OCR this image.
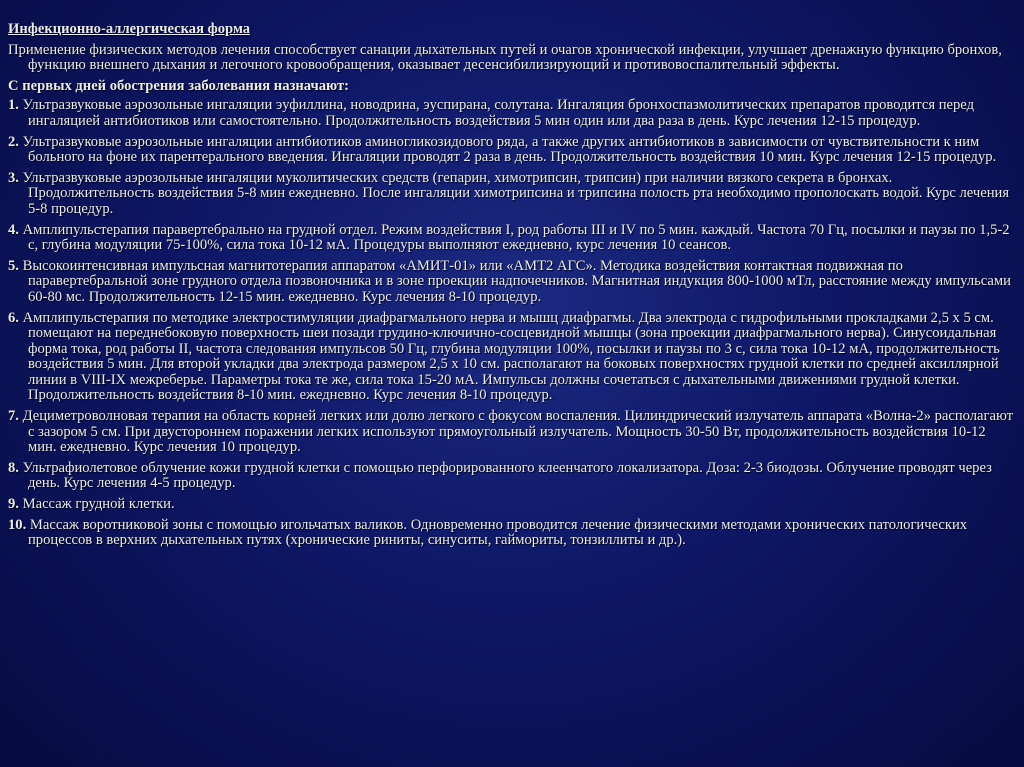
Инфекционно-аллергическая форма
Применение физических методов лечения способствует санации дыхательных путей и очагов хронической инфекции, улучшает дренажную функцию бронхов, функцию внешнего дыхания и легочного кровообращения, оказывает десенсибилизирующий и противовоспалительный эффекты.
С первых дней обострения заболевания назначают:
1. Ультразвуковые аэрозольные ингаляции эуфиллина, новодрина, эуспирана, солутана. Ингаляция бронхоспазмолитических препаратов проводится перед ингаляцией антибиотиков или самостоятельно. Продолжительность воздействия 5 мин один или два раза в день. Курс лечения 12-15 процедур.
2. Ультразвуковые аэрозольные ингаляции антибиотиков аминогликозидового ряда, а также других антибиотиков в зависимости от чувствительности к ним больного на фоне их парентерального введения. Ингаляции проводят 2 раза в день. Продолжительность воздействия 10 мин. Курс лечения 12-15 процедур.
3. Ультразвуковые аэрозольные ингаляции муколитических средств (гепарин, химотрипсин, трипсин) при наличии вязкого секрета в бронхах. Продолжительность воздействия 5-8 мин ежедневно. После ингаляции химотрипсина и трипсина полость рта необходимо прополоскать водой. Курс лечения 5-8 процедур.
4. Амплипульстерапия паравертебрально на грудной отдел. Режим воздействия I, род работы III и IV по 5 мин. каждый. Частота 70 Гц, посылки и паузы по 1,5-2 с, глубина модуляции 75-100%, сила тока 10-12 мА. Процедуры выполняют ежедневно, курс лечения 10 сеансов.
5. Высокоинтенсивная импульсная магнитотерапия аппаратом «АМИТ-01» или «АМТ2 АГС». Методика воздействия контактная подвижная по паравертебральной зоне грудного отдела позвоночника и в зоне проекции надпочечников. Магнитная индукция 800-1000 мТл, расстояние между импульсами 60-80 мс. Продолжительность 12-15 мин. ежедневно. Курс лечения 8-10 процедур.
6. Амплипульстерапия по методике электростимуляции диафрагмального нерва и мышц диафрагмы. Два электрода с гидрофильными прокладками 2,5 х 5 см. помещают на переднебоковую поверхность шеи позади грудино-ключично-сосцевидной мышцы (зона проекции диафрагмального нерва). Синусоидальная форма тока, род работы II, частота следования импульсов 50 Гц, глубина модуляции 100%, посылки и паузы по 3 с, сила тока 10-12 мА, продолжительность воздействия 5 мин. Для второй укладки два электрода размером 2,5 х 10 см. располагают на боковых поверхностях грудной клетки по средней аксиллярной линии в VIII-IX межреберье. Параметры тока те же, сила тока 15-20 мА. Импульсы должны сочетаться с дыхательными движениями грудной клетки. Продолжительность воздействия 8-10 мин. ежедневно. Курс лечения 8-10 процедур.
7. Дециметроволновая терапия на область корней легких или долю легкого с фокусом воспаления. Цилиндрический излучатель аппарата «Волна-2» располагают с зазором 5 см. При двустороннем поражении легких используют прямоугольный излучатель. Мощность 30-50 Вт, продолжительность воздействия 10-12 мин. ежедневно. Курс лечения 10 процедур.
8. Ультрафиолетовое облучение кожи грудной клетки с помощью перфорированного клеенчатого локализатора. Доза: 2-3 биодозы. Облучение проводят через день. Курс лечения 4-5 процедур.
9. Массаж грудной клетки.
10. Массаж воротниковой зоны с помощью игольчатых валиков. Одновременно проводится лечение физическими методами хронических патологических процессов в верхних дыхательных путях (хронические риниты, синуситы, гаймориты, тонзиллиты и др.).
